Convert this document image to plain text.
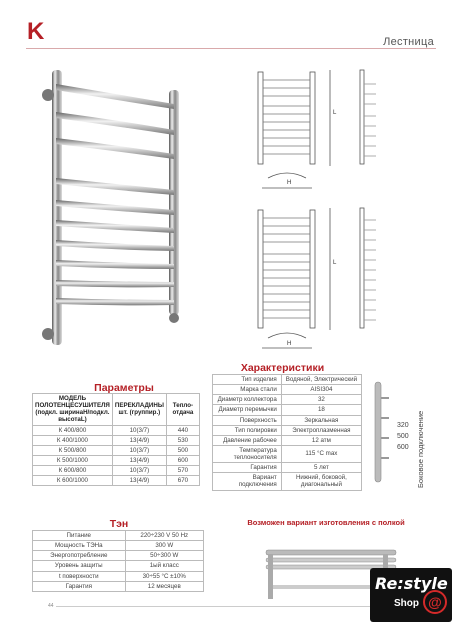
K	Лестница
H
H
L
L
Характеристики
Тип изделия	Водяной, Электрический
Марка стали	AISI304
Диаметр коллектора	32
Диаметр перемычки	18
Поверхность	Зеркальная
Тип полировки	Электроплазменная
Давление рабочее	12 атм
Температура теплоносителя	115 °C max
Гарантия	5 лет
Вариант подключения	Нижний, боковой, диагональный
320
500
600 Боковое подключение
Параметры
МОДЕЛЬ ПОЛОТЕНЦЕСУШИТЕЛЯ (подкл. ширинаН/подкл. высотаL)	ПЕРЕКЛАДИНЫ шт. (группир.)	Тепло-отдача
К 400/800	10(3/7)	440
К 400/1000	13(4/9)	530
К 500/800	10(3/7)	500
К 500/1000	13(4/9)	600
К 600/800	10(3/7)	570
К 600/1000	13(4/9)	670
Тэн
Питание	220÷230 V 50 Hz
Мощность ТЭНа	300 W
Энергопотребление	50÷300 W
Уровень защиты	1ый класс
t поверхности	30÷55 °C ±10%
Гарантия	12 месяцев
Возможен вариант изготовления с полкой
44
Re:style
Shop @
